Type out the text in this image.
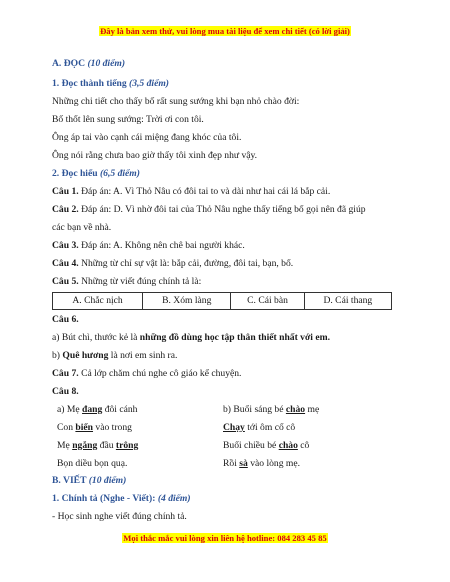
Đây là bản xem thử, vui lòng mua tài liệu để xem chi tiết (có lời giải)
A. ĐỌC (10 điểm)
1. Đọc thành tiếng (3,5 điểm)
Những chi tiết cho thấy bố rất sung sướng khi bạn nhỏ chào đời:
Bố thốt lên sung sướng: Trời ơi con tôi.
Ông áp tai vào cạnh cái miệng đang khóc của tôi.
Ông nói rằng chưa bao giờ thấy tôi xinh đẹp như vậy.
2. Đọc hiểu (6,5 điểm)
Câu 1. Đáp án: A. Vì Thỏ Nâu có đôi tai to và dài như hai cái lá bắp cải.
Câu 2. Đáp án: D. Vì nhờ đôi tai của Thỏ Nâu nghe thấy tiếng bố gọi nên đã giúp
các bạn về nhà.
Câu 3. Đáp án: A. Không nên chê bai người khác.
Câu 4. Những từ chỉ sự vật là: bắp cải, đường, đôi tai, bạn, bố.
Câu 5. Những từ viết đúng chính tả là:
A. Chắc nịch	B. Xóm làng	C. Cái bàn	D. Cái thang
Câu 6.
a) Bút chì, thước kẻ là những đồ dùng học tập thân thiết nhất với em.
b) Quê hương là nơi em sinh ra.
Câu 7. Cả lớp chăm chú nghe cô giáo kể chuyện.
Câu 8.
a) Mẹ đang đôi cánh
Con biển vào trong
Mẹ ngắng đầu trông
Bọn diều bọn quạ.
b) Buổi sáng bé chào mẹ
Chạy tới ôm cổ cô
Buổi chiều bé chào cô
Rồi sà vào lòng mẹ.
B. VIẾT (10 điểm)
1. Chính tả (Nghe - Viết): (4 điểm)
- Học sinh nghe viết đúng chính tả.
Mọi thắc mắc vui lòng xin liên hệ hotline: 084 283 45 85
